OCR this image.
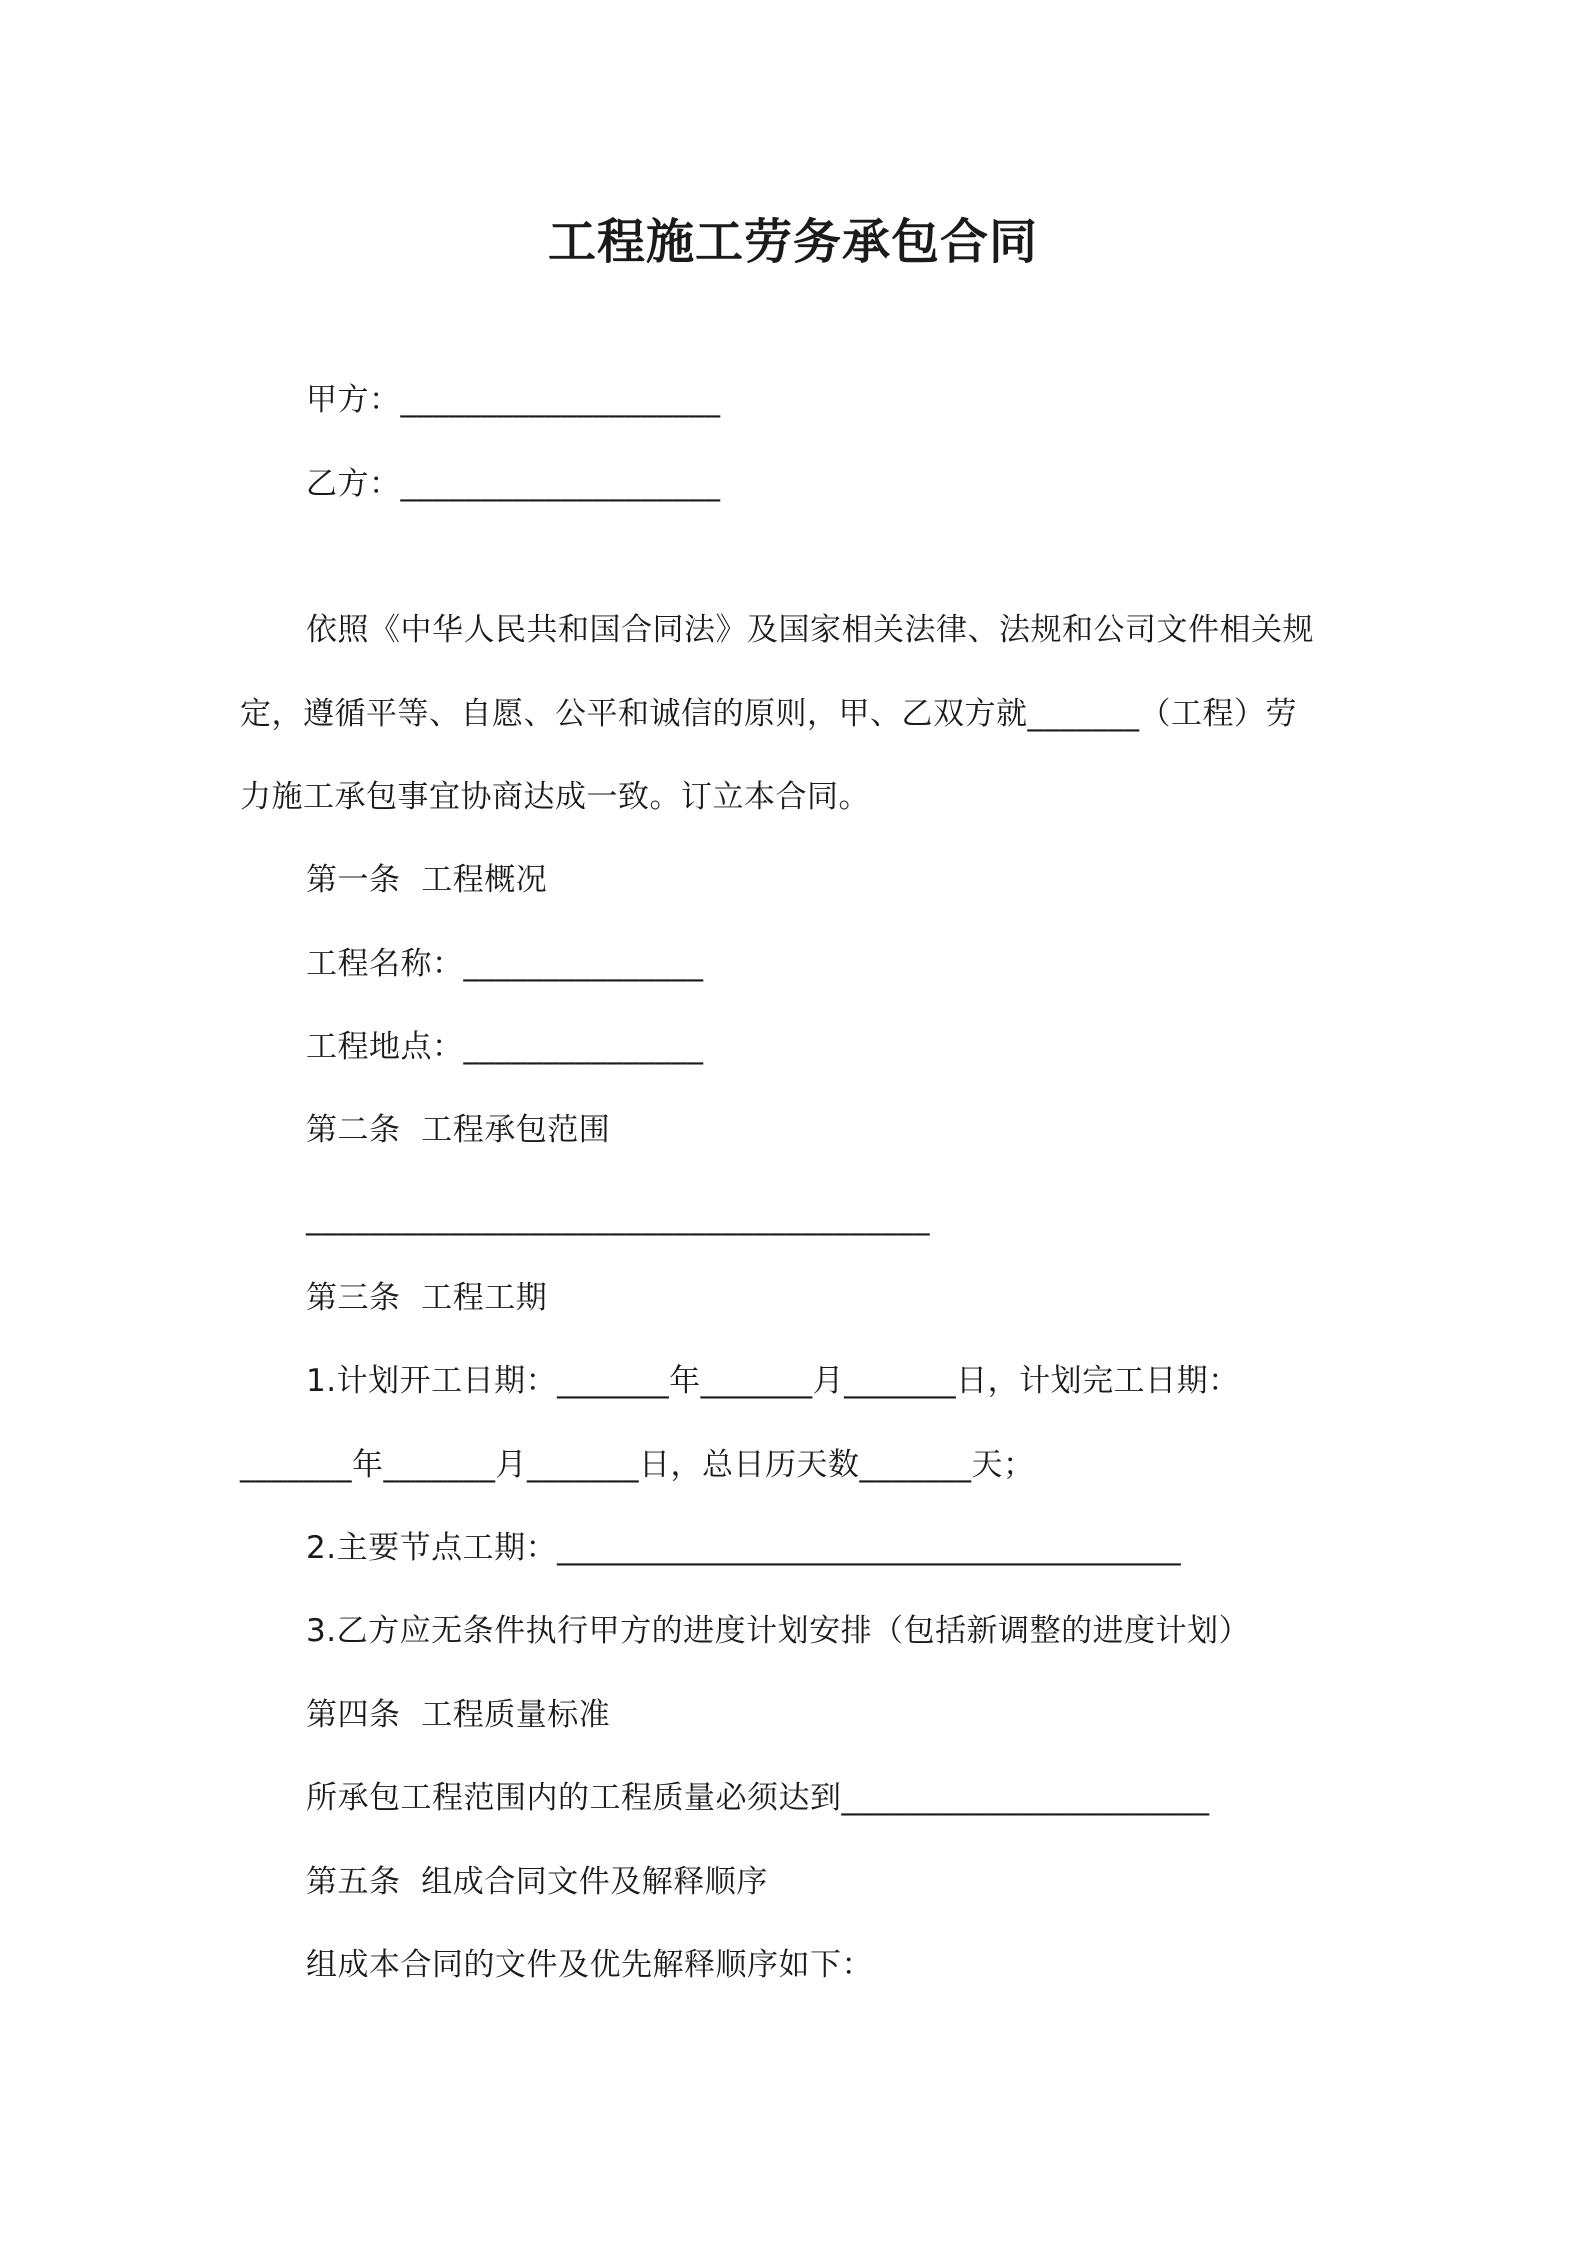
工程施工劳务承包合同
甲方：____________________
乙方：____________________
依照《中华人民共和国合同法》及国家相关法律、法规和公司文件相关规
定，遵循平等、自愿、公平和诚信的原则，甲、乙双方就_______（工程）劳
力施工承包事宜协商达成一致。订立本合同。
第一条  工程概况
工程名称：_______________
工程地点：_______________
第二条  工程承包范围
_______________________________________
第三条  工程工期
1.计划开工日期：_______年_______月_______日，计划完工日期：
_______年_______月_______日，总日历天数_______天；
2.主要节点工期：_______________________________________
3.乙方应无条件执行甲方的进度计划安排（包括新调整的进度计划）
第四条  工程质量标准
所承包工程范围内的工程质量必须达到_______________________
第五条  组成合同文件及解释顺序
组成本合同的文件及优先解释顺序如下：
